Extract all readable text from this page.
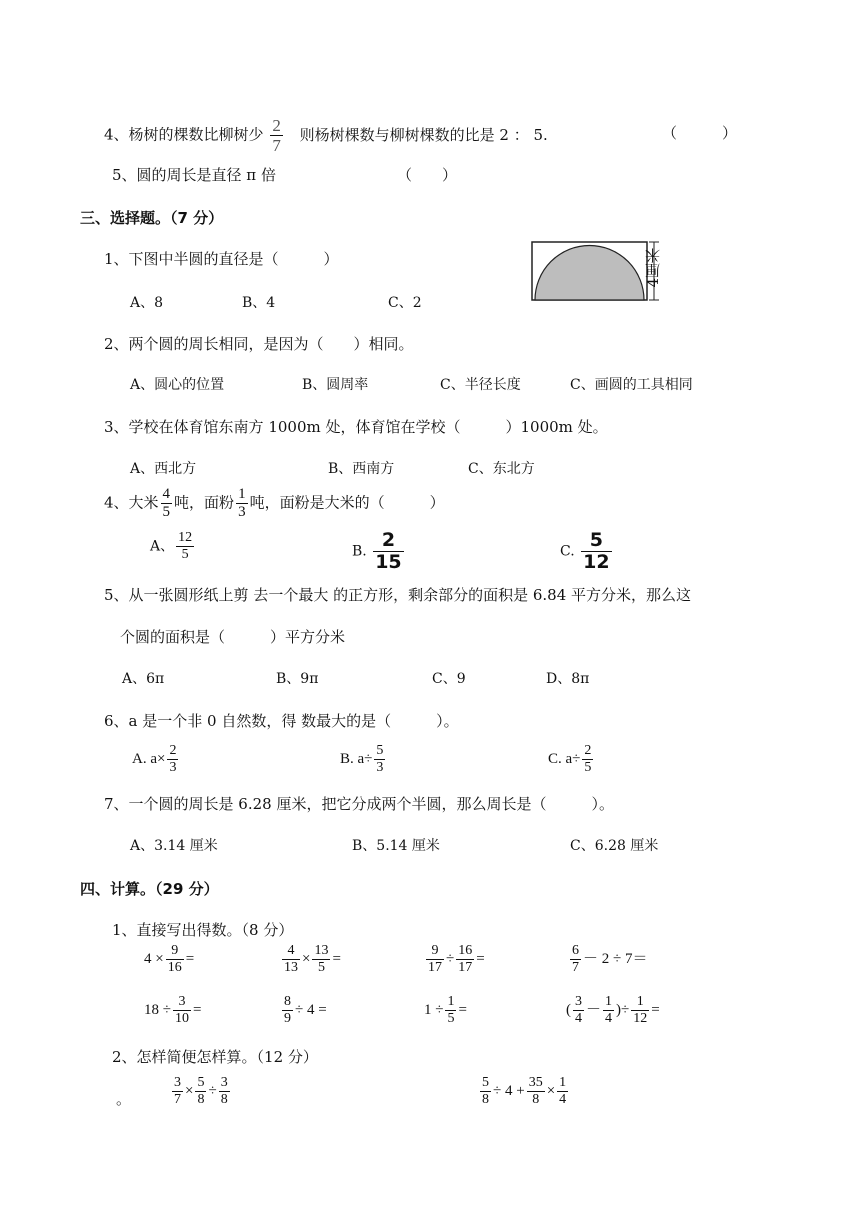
4、杨树的棵数比柳树少 $\frac{2}{7}$ 则杨树棵数与柳树棵数的比是 2 ： 5.	（　　　）
5、圆的周长是直径 π 倍	（　　）
三、选择题。（7 分）
1、下图中半圆的直径是（　　　）
A、8	B、4	C、2
4厘米
2、两个圆的周长相同，是因为（　　）相同。
A、圆心的位置	B、圆周率	C、半径长度	C、画圆的工具相同
3、学校在体育馆东南方 1000m 处，体育馆在学校（　　　）1000m 处。
A、西北方	B、西南方	C、东北方
4、大米 $\frac{4}{5}$ 吨，面粉 $\frac{1}{3}$ 吨，面粉是大米的（　　　）
A、 $\frac{12}{5}$	B. $\frac{2}{15}$	C. $\frac{5}{12}$
5、从一张圆形纸上剪 去一个最大 的正方形，剩余部分的面积是 6.84 平方分米，那么这
个圆的面积是（　　　）平方分米
A、6π	B、9π	C、9	D、8π
6、a 是一个非 0 自然数，得 数最大的是（　　　）。
A. $a\times \frac{2}{3}$	B. $a\div \frac{5}{3}$	C. $a\div \frac{2}{5}$
7、一个圆的周长是 6.28 厘米，把它分成两个半圆，那么周长是（　　　）。
A、3.14 厘米	B、5.14 厘米	C、6.28 厘米
四、计算。（29 分）
1、直接写出得数。（8 分）
$4 \times \frac{9}{16}$ =	$\frac{4}{13} \times \frac{13}{5}$ =	$\frac{9}{17} \div \frac{16}{17}$ =	$\frac{6}{7} - 2 \div 7=$
$18 \div \frac{3}{10}$ =	$\frac{8}{9} \div 4$ =	$1 \div \frac{1}{5}$ =	( $\frac{3}{4} - \frac{1}{4}$ )÷ $\frac{1}{12}$ =
2、怎样简便怎样算。（12 分）
。	$\frac{3}{7} \times \frac{5}{8} \div \frac{3}{8}$	$\frac{5}{8} \div 4 + \frac{35}{8} \times \frac{1}{4}$
